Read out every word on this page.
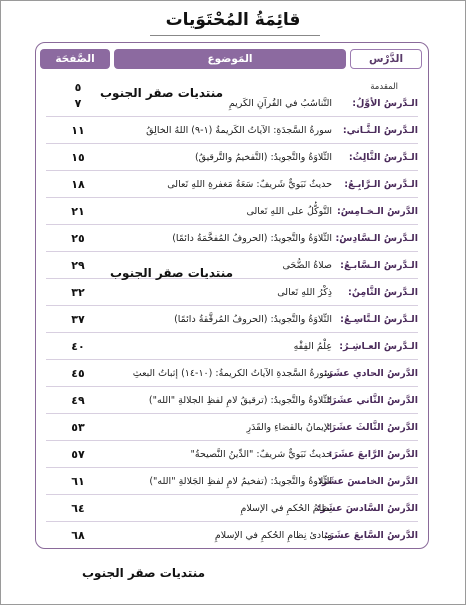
قائِمَةُ المُحْتَوَيات
الدَّرْس
المَوضوع
الصَّفحَة
المقدمة
٥
الـدَّرسُ الأوَّلُ:
التَّناسُبُ في القُرآنِ الكَريمِ
٧
الـدَّرسُ الـثَّـاني:
سورةُ السَّجدَةِ: الآياتُ الكَريمةُ (١-٩) اللهُ الخالِقُ
١١
الـدَّرسُ الثَّالِثُ:
التِّلاوَةُ والتَّجويدُ: (التَّفخيمُ والتَّرقيقُ)
١٥
الـدَّرسُ الـرَّابِـعُ:
حديثٌ نَبَويٌّ شَريفٌ: سَعَةُ مَغفرةِ اللهِ تَعالى
١٨
الدَّرسُ الـخـامِسُ:
التَّوكُّلُ على اللهِ تَعالى
٢١
الـدَّرسُ الـسَّادِسُ:
التِّلاوَةُ والتَّجويدُ: (الحروفُ المُفخَّمَةُ دائمًا)
٢٥
الـدَّرسُ الـسَّابـعُ:
صلاةُ الضُّحَى
٢٩
الـدَّرسُ الثَّامِنُ:
ذِكْرُ اللهِ تَعالى
٣٢
الـدَّرسُ الـتَّاسِـعُ:
التِّلاوَةُ والتَّجويدُ: (الحروفُ المُرقَّقةُ دائمًا)
٣٧
الـدَّرسُ العـاشِـرُ:
عِلْمُ الفِقْهِ
٤٠
الدَّرسُ الحادي عشَرَ:
سورةُ السَّجدةِ الآياتُ الكريمةُ: (١٠-١٤) إثباتُ البعثِ
٤٥
الدَّرسُ الثَّاني عشَرَ:
التِّلاوةُ والتَّجويدُ: (ترقيقُ لامِ لفظِ الجلالةِ "الله")
٤٩
الدَّرسُ الثَّالثَ عشَرَ:
الإيمانُ بالقضاءِ والقَدَرِ
٥٣
الدَّرسُ الرَّابعَ عشَرَ:
حديثٌ نَبَويٌّ شريفٌ: "الدِّينُ النَّصيحةُ"
٥٧
الدَّرسُ الخامسَ عشَرَ:
التِّلاوةُ والتَّجويدُ: (تفخيمُ لامِ لفظِ الجَلالةِ "الله")
٦١
الدَّرسُ السَّادسَ عشَرَ:
نِظامُ الحُكمِ في الإسلامِ
٦٤
الدَّرسُ السَّابعَ عشَرَ:
مبادئ نِظامِ الحُكمِ في الإسلامِ
٦٨
منتديات صقر الجنوب
منتديات صقر الجنوب
منتديات صقر الجنوب
